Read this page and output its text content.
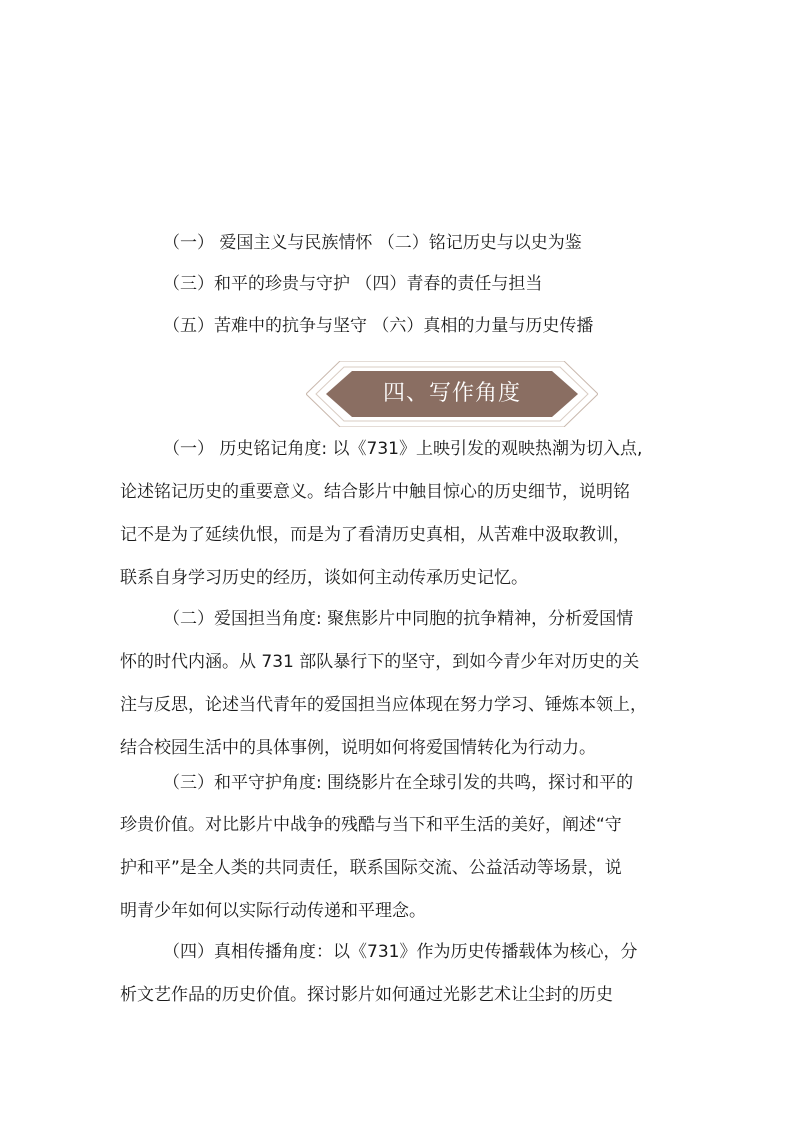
（一） 爱国主义与民族情怀 （二）铭记历史与以史为鉴
（三）和平的珍贵与守护 （四）青春的责任与担当
（五）苦难中的抗争与坚守 （六）真相的力量与历史传播
四、写作角度
（一） 历史铭记角度: 以《731》上映引发的观映热潮为切入点,
论述铭记历史的重要意义。结合影片中触目惊心的历史细节，说明铭
记不是为了延续仇恨，而是为了看清历史真相，从苦难中汲取教训，
联系自身学习历史的经历，谈如何主动传承历史记忆。
（二）爱国担当角度: 聚焦影片中同胞的抗争精神，分析爱国情
怀的时代内涵。从 731 部队暴行下的坚守，到如今青少年对历史的关
注与反思，论述当代青年的爱国担当应体现在努力学习、锤炼本领上，
结合校园生活中的具体事例，说明如何将爱国情转化为行动力。
（三）和平守护角度: 围绕影片在全球引发的共鸣，探讨和平的
珍贵价值。对比影片中战争的残酷与当下和平生活的美好，阐述“守
护和平”是全人类的共同责任，联系国际交流、公益活动等场景，说
明青少年如何以实际行动传递和平理念。
（四）真相传播角度：以《731》作为历史传播载体为核心，分
析文艺作品的历史价值。探讨影片如何通过光影艺术让尘封的历史
